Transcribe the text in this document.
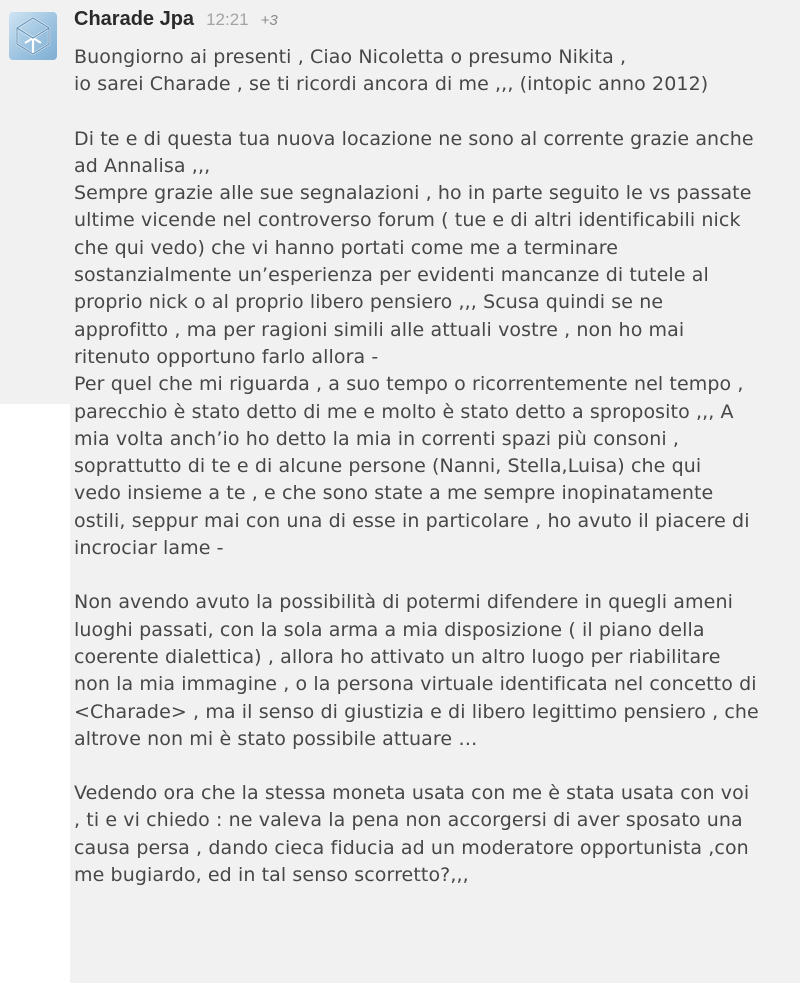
Charade Jpa 12:21 +3
Buongiorno ai presenti , Ciao Nicoletta o presumo Nikita ,
io sarei Charade , se ti ricordi ancora di me ,,, (intopic anno 2012)
Di te e di questa tua nuova locazione ne sono al corrente grazie anche
ad Annalisa ,,,
Sempre grazie alle sue segnalazioni , ho in parte seguito le vs passate
ultime vicende nel controverso forum ( tue e di altri identificabili nick
che qui vedo) che vi hanno portati come me a terminare
sostanzialmente un’esperienza per evidenti mancanze di tutele al
proprio nick o al proprio libero pensiero ,,, Scusa quindi se ne
approfitto , ma per ragioni simili alle attuali vostre , non ho mai
ritenuto opportuno farlo allora -
Per quel che mi riguarda , a suo tempo o ricorrentemente nel tempo ,
parecchio è stato detto di me e molto è stato detto a sproposito ,,, A
mia volta anch’io ho detto la mia in correnti spazi più consoni ,
soprattutto di te e di alcune persone (Nanni, Stella,Luisa) che qui
vedo insieme a te , e che sono state a me sempre inopinatamente
ostili, seppur mai con una di esse in particolare , ho avuto il piacere di
incrociar lame -
Non avendo avuto la possibilità di potermi difendere in quegli ameni
luoghi passati, con la sola arma a mia disposizione ( il piano della
coerente dialettica) , allora ho attivato un altro luogo per riabilitare
non la mia immagine , o la persona virtuale identificata nel concetto di
<Charade> , ma il senso di giustizia e di libero legittimo pensiero , che
altrove non mi è stato possibile attuare …
Vedendo ora che la stessa moneta usata con me è stata usata con voi
, ti e vi chiedo : ne valeva la pena non accorgersi di aver sposato una
causa persa , dando cieca fiducia ad un moderatore opportunista ,con
me bugiardo, ed in tal senso scorretto?,,,
